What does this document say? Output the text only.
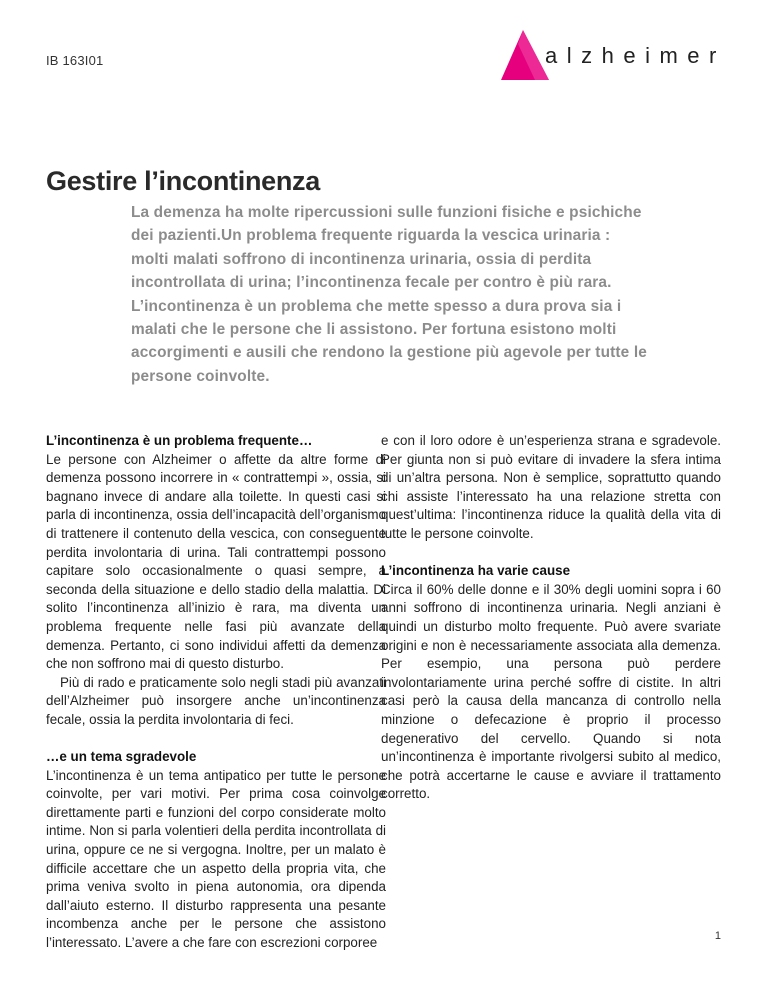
IB 163I01	alzheimer
Gestire l’incontinenza

La demenza ha molte ripercussioni sulle funzioni fisiche e psichiche dei pazienti.Un problema frequente riguarda la vescica urinaria : molti malati soffrono di incontinenza urinaria, ossia di perdita incontrollata di urina; l’incontinenza fecale per contro è più rara. L’incontinenza è un problema che mette spesso a dura prova sia i malati che le persone che li assistono. Per fortuna esistono molti accorgimenti e ausili che rendono la gestione più agevole per tutte le persone coinvolte.

L’incontinenza è un problema frequente…

Le persone con Alzheimer o affette da altre forme di demenza possono incorrere in « contrattempi », ossia, si bagnano invece di andare alla toilette. In questi casi si parla di incontinenza, ossia dell’incapacità dell’organismo di trattenere il contenuto della vescica, con conseguente perdita involontaria di urina. Tali contrattempi possono capitare solo occasionalmente o quasi sempre, a seconda della situazione e dello stadio della malattia. Di solito l’incontinenza all’inizio è rara, ma diventa un problema frequente nelle fasi più avanzate della demenza. Pertanto, ci sono individui affetti da demenza che non soffrono mai di questo disturbo.

Più di rado e praticamente solo negli stadi più avanzati dell’Alzheimer può insorgere anche un’incontinenza fecale, ossia la perdita involontaria di feci.

…e un tema sgradevole

L’incontinenza è un tema antipatico per tutte le persone coinvolte, per vari motivi. Per prima cosa coinvolge direttamente parti e funzioni del corpo considerate molto intime. Non si parla volentieri della perdita incontrollata di urina, oppure ce ne si vergogna. Inoltre, per un malato è difficile accettare che un aspetto della propria vita, che prima veniva svolto in piena autonomia, ora dipenda dall’aiuto esterno. Il disturbo rappresenta una pesante incombenza anche per le persone che assistono l’interessato. L’avere a che fare con escrezioni corporee

e con il loro odore è un’esperienza strana e sgradevole. Per giunta non si può evitare di invadere la sfera intima di un’altra persona. Non è semplice, soprattutto quando chi assiste l’interessato ha una relazione stretta con quest’ultima: l’incontinenza riduce la qualità della vita di tutte le persone coinvolte.

L’incontinenza ha varie cause

Circa il 60% delle donne e il 30% degli uomini sopra i 60 anni soffrono di incontinenza urinaria. Negli anziani è quindi un disturbo molto frequente. Può avere svariate origini e non è necessariamente associata alla demenza. Per esempio, una persona può perdere involontariamente urina perché soffre di cistite. In altri casi però la causa della mancanza di controllo nella minzione o defecazione è proprio il processo degenerativo del cervello. Quando si nota un’incontinenza è importante rivolgersi subito al medico, che potrà accertarne le cause e avviare il trattamento corretto.

1
